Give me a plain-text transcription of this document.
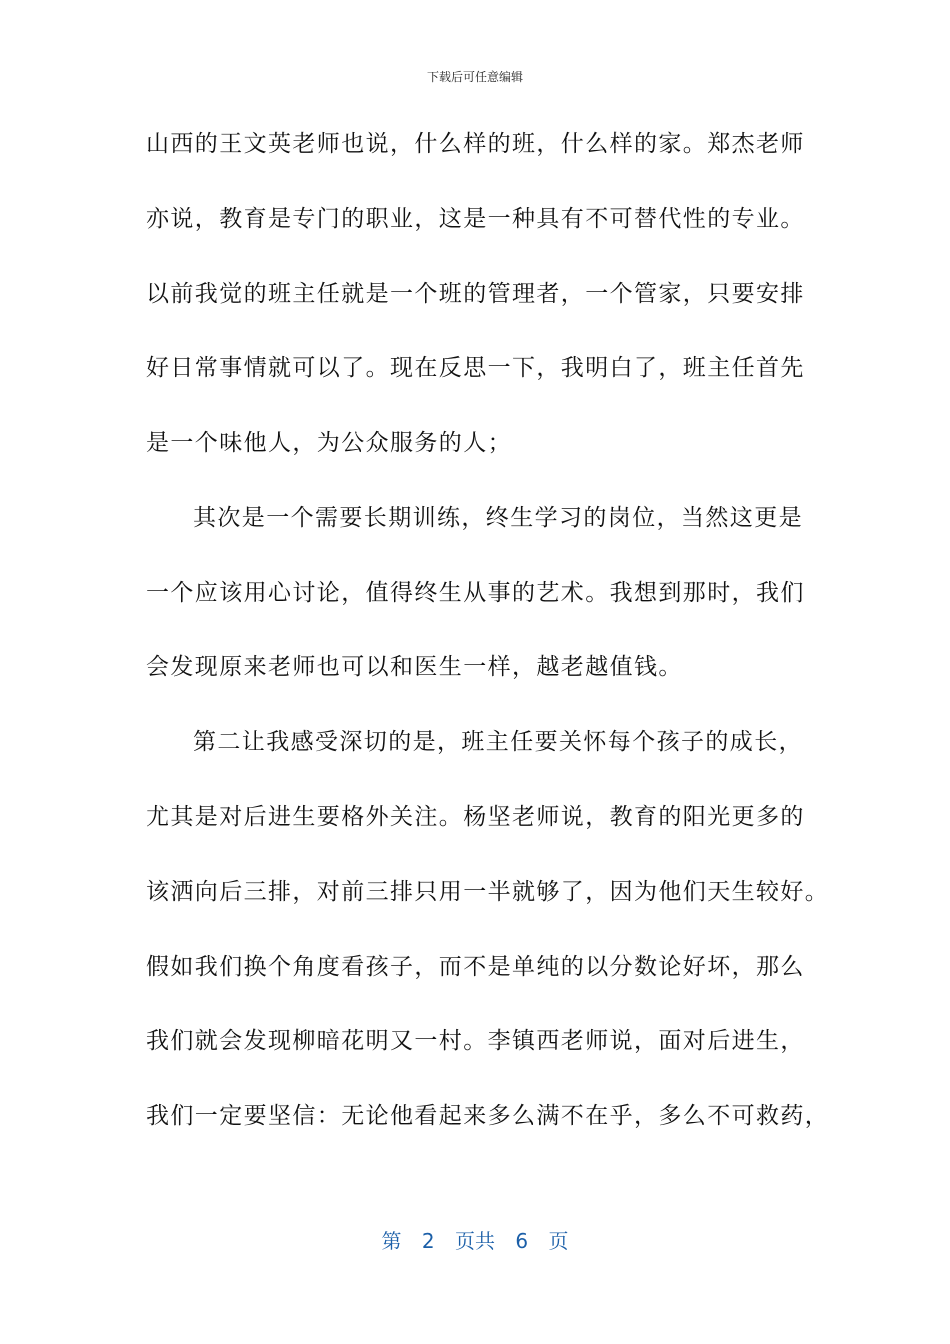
下载后可任意编辑
山西的王文英老师也说，什么样的班，什么样的家。郑杰老师
亦说，教育是专门的职业，这是一种具有不可替代性的专业。
以前我觉的班主任就是一个班的管理者，一个管家，只要安排
好日常事情就可以了。现在反思一下，我明白了，班主任首先
是一个味他人，为公众服务的人；
其次是一个需要长期训练，终生学习的岗位，当然这更是
一个应该用心讨论，值得终生从事的艺术。我想到那时，我们
会发现原来老师也可以和医生一样，越老越值钱。
第二让我感受深切的是，班主任要关怀每个孩子的成长，
尤其是对后进生要格外关注。杨坚老师说，教育的阳光更多的
该洒向后三排，对前三排只用一半就够了，因为他们天生较好。
假如我们换个角度看孩子，而不是单纯的以分数论好坏，那么
我们就会发现柳暗花明又一村。李镇西老师说，面对后进生，
我们一定要坚信：无论他看起来多么满不在乎，多么不可救药，
第 2 页共 6 页
